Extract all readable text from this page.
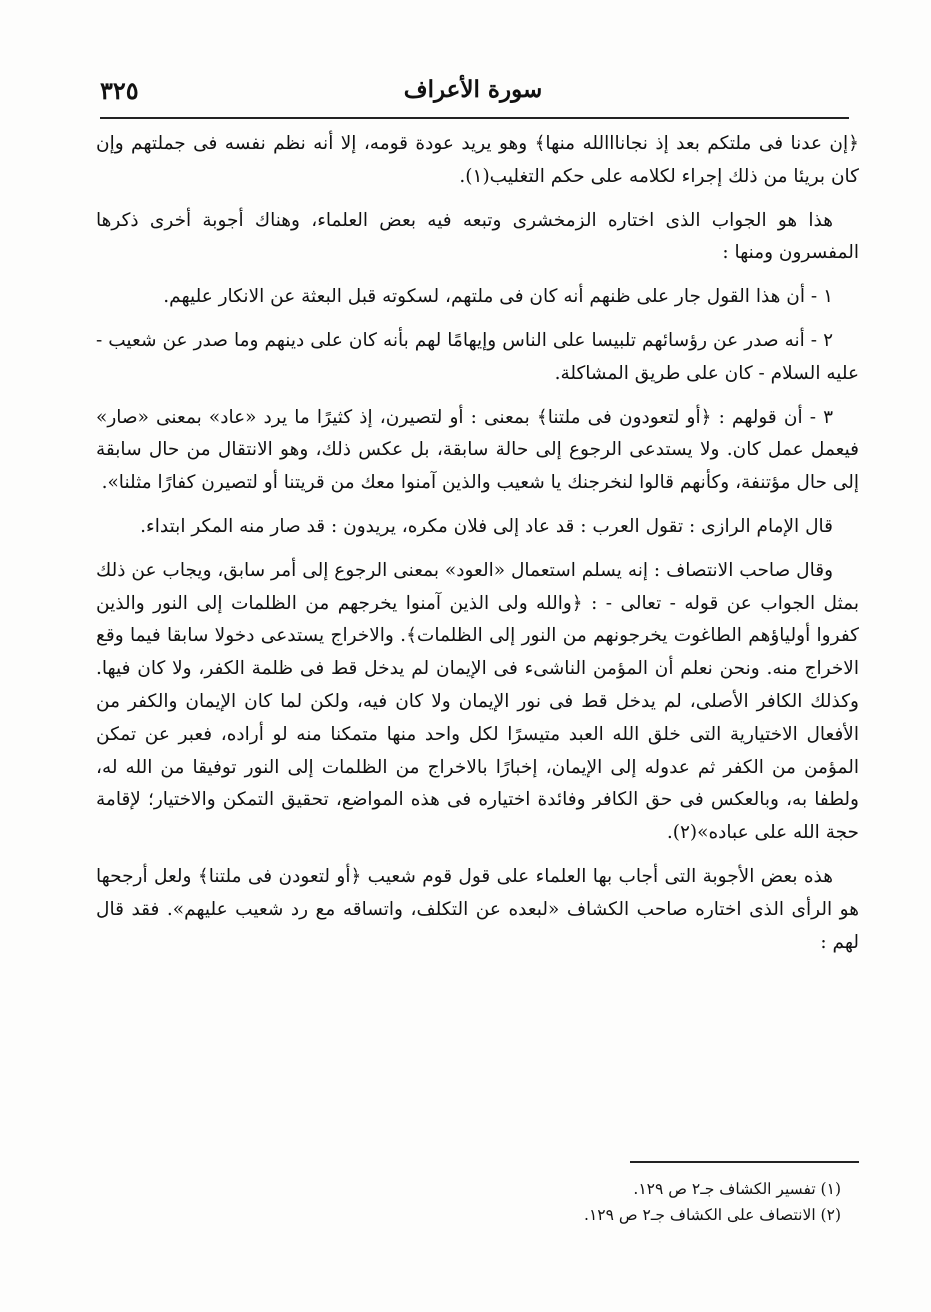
٣٢٥	سورة الأعراف

﴿إن عدنا فى ملتكم بعد إذ نجانااالله منها﴾ وهو يريد عودة قومه، إلا أنه نظم نفسه فى جملتهم وإن كان بريئا من ذلك إجراء لكلامه على حكم التغليب(١).

هذا هو الجواب الذى اختاره الزمخشرى وتبعه فيه بعض العلماء، وهناك أجوبة أخرى ذكرها المفسرون ومنها :

١ - أن هذا القول جار على ظنهم أنه كان فى ملتهم، لسكوته قبل البعثة عن الانكار عليهم.

٢ - أنه صدر عن رؤسائهم تلبيسا على الناس وإيهامًا لهم بأنه كان على دينهم وما صدر عن شعيب - عليه السلام - كان على طريق المشاكلة.

٣ - أن قولهم : ﴿أو لتعودون فى ملتنا﴾ بمعنى : أو لتصيرن، إذ كثيرًا ما يرد «عاد» بمعنى «صار» فيعمل عمل كان. ولا يستدعى الرجوع إلى حالة سابقة، بل عكس ذلك، وهو الانتقال من حال سابقة إلى حال مؤتنفة، وكأنهم قالوا لنخرجنك يا شعيب والذين آمنوا معك من قريتنا أو لتصيرن كفارًا مثلنا».

قال الإمام الرازى : تقول العرب : قد عاد إلى فلان مكره، يريدون : قد صار منه المكر ابتداء.

وقال صاحب الانتصاف : إنه يسلم استعمال «العود» بمعنى الرجوع إلى أمر سابق، ويجاب عن ذلك بمثل الجواب عن قوله - تعالى - : ﴿والله ولى الذين آمنوا يخرجهم من الظلمات إلى النور والذين كفروا أولياؤهم الطاغوت يخرجونهم من النور إلى الظلمات﴾. والاخراج يستدعى دخولا سابقا فيما وقع الاخراج منه. ونحن نعلم أن المؤمن الناشىء فى الإيمان لم يدخل قط فى ظلمة الكفر، ولا كان فيها. وكذلك الكافر الأصلى، لم يدخل قط فى نور الإيمان ولا كان فيه، ولكن لما كان الإيمان والكفر من الأفعال الاختيارية التى خلق الله العبد متيسرًا لكل واحد منها متمكنا منه لو أراده، فعبر عن تمكن المؤمن من الكفر ثم عدوله إلى الإيمان، إخبارًا بالاخراج من الظلمات إلى النور توفيقا من الله له، ولطفا به، وبالعكس فى حق الكافر وفائدة اختياره فى هذه المواضع، تحقيق التمكن والاختيار؛ لإقامة حجة الله على عباده»(٢).

هذه بعض الأجوبة التى أجاب بها العلماء على قول قوم شعيب ﴿أو لتعودن فى ملتنا﴾ ولعل أرجحها هو الرأى الذى اختاره صاحب الكشاف «لبعده عن التكلف، واتساقه مع رد شعيب عليهم». فقد قال لهم :

(١) تفسير الكشاف جـ٢ ص ١٢٩.

(٢) الانتصاف على الكشاف جـ٢ ص ١٢٩.
